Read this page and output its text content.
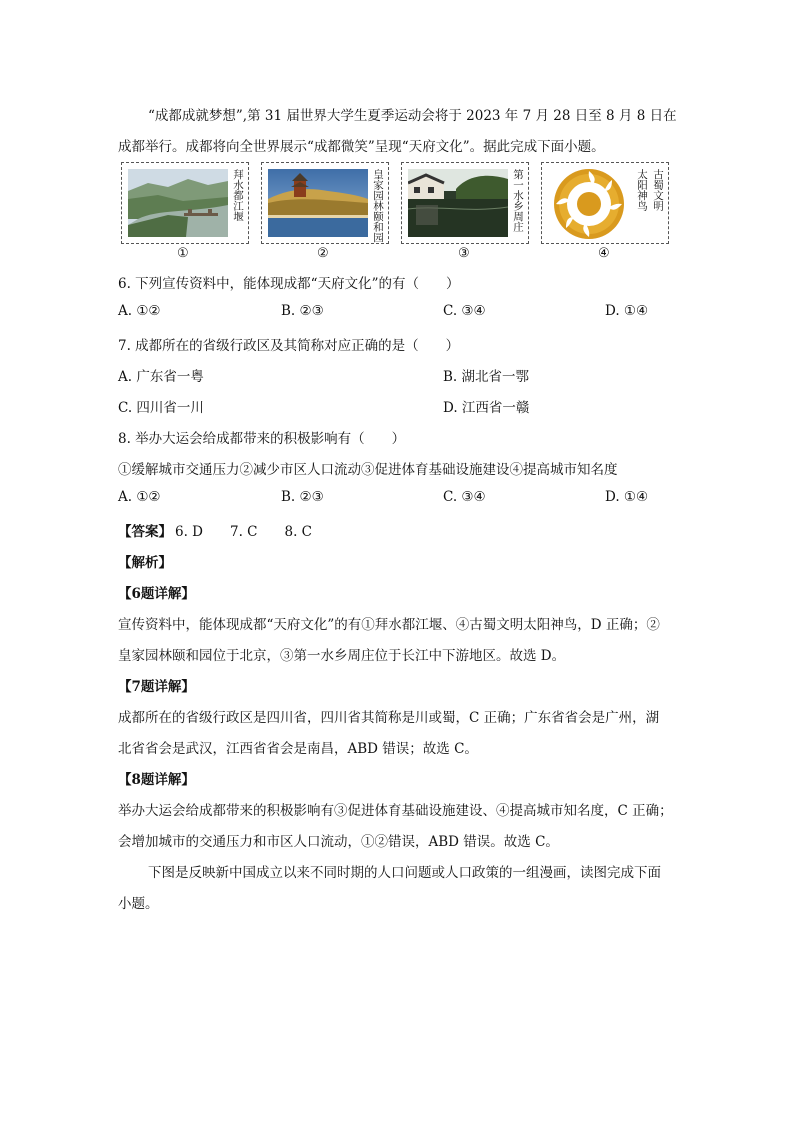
“成都成就梦想”,第 31 届世界大学生夏季运动会将于 2023 年 7 月 28 日至 8 月 8 日在
成都举行。成都将向全世界展示“成都微笑”呈现“天府文化”。据此完成下面小题。
拜水都江堰	皇家园林颐和园	第一水乡周庄	太阳神鸟 古蜀文明
①	②	③	④
6. 下列宣传资料中，能体现成都“天府文化”的有（　　）
A. ①②	B. ②③	C. ③④	D. ①④
7. 成都所在的省级行政区及其简称对应正确的是（　　）
A. 广东省一粤	B. 湖北省一鄂
C. 四川省一川	D. 江西省一赣
8. 举办大运会给成都带来的积极影响有（　　）
①缓解城市交通压力②减少市区人口流动③促进体育基础设施建设④提高城市知名度
A. ①②	B. ②③	C. ③④	D. ①④
【答案】 6. D　　7. C　　8. C
【解析】
【6题详解】
宣传资料中，能体现成都“天府文化”的有①拜水都江堰、④古蜀文明太阳神鸟，D 正确；②
皇家园林颐和园位于北京，③第一水乡周庄位于长江中下游地区。故选 D。
【7题详解】
成都所在的省级行政区是四川省，四川省其简称是川或蜀，C 正确；广东省省会是广州，湖
北省省会是武汉，江西省省会是南昌，ABD 错误；故选 C。
【8题详解】
举办大运会给成都带来的积极影响有③促进体育基础设施建设、④提高城市知名度，C 正确；
会增加城市的交通压力和市区人口流动，①②错误，ABD 错误。故选 C。
下图是反映新中国成立以来不同时期的人口问题或人口政策的一组漫画，读图完成下面
小题。
